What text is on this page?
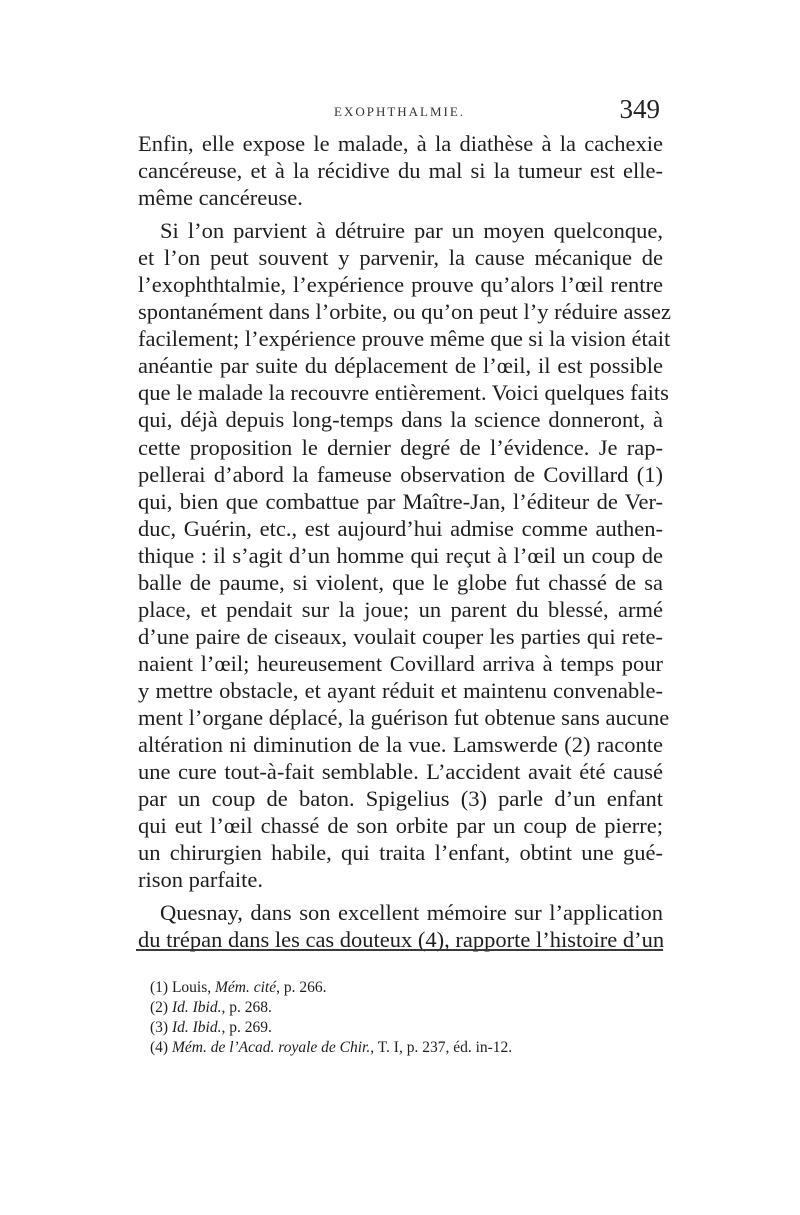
EXOPHTHALMIE.	349
Enfin, elle expose le malade, à la diathèse à la cachexie
cancéreuse, et à la récidive du mal si la tumeur est elle-
même cancéreuse.
Si l’on parvient à détruire par un moyen quelconque,
et l’on peut souvent y parvenir, la cause mécanique de
l’exophthtalmie, l’expérience prouve qu’alors l’œil rentre
spontanément dans l’orbite, ou qu’on peut l’y réduire assez
facilement; l’expérience prouve même que si la vision était
anéantie par suite du déplacement de l’œil, il est possible
que le malade la recouvre entièrement. Voici quelques faits
qui, déjà depuis long-temps dans la science donneront, à
cette proposition le dernier degré de l’évidence. Je rap-
pellerai d’abord la fameuse observation de Covillard (1)
qui, bien que combattue par Maître-Jan, l’éditeur de Ver-
duc, Guérin, etc., est aujourd’hui admise comme authen-
thique : il s’agit d’un homme qui reçut à l’œil un coup de
balle de paume, si violent, que le globe fut chassé de sa
place, et pendait sur la joue; un parent du blessé, armé
d’une paire de ciseaux, voulait couper les parties qui rete-
naient l’œil; heureusement Covillard arriva à temps pour
y mettre obstacle, et ayant réduit et maintenu convenable-
ment l’organe déplacé, la guérison fut obtenue sans aucune
altération ni diminution de la vue. Lamswerde (2) raconte
une cure tout-à-fait semblable. L’accident avait été causé
par un coup de baton. Spigelius (3) parle d’un enfant
qui eut l’œil chassé de son orbite par un coup de pierre;
un chirurgien habile, qui traita l’enfant, obtint une gué-
rison parfaite.
Quesnay, dans son excellent mémoire sur l’application
du trépan dans les cas douteux (4), rapporte l’histoire d’un
(1) Louis, Mém. cité, p. 266.
(2) Id. Ibid., p. 268.
(3) Id. Ibid., p. 269.
(4) Mém. de l’Acad. royale de Chir., T. I, p. 237, éd. in-12.
